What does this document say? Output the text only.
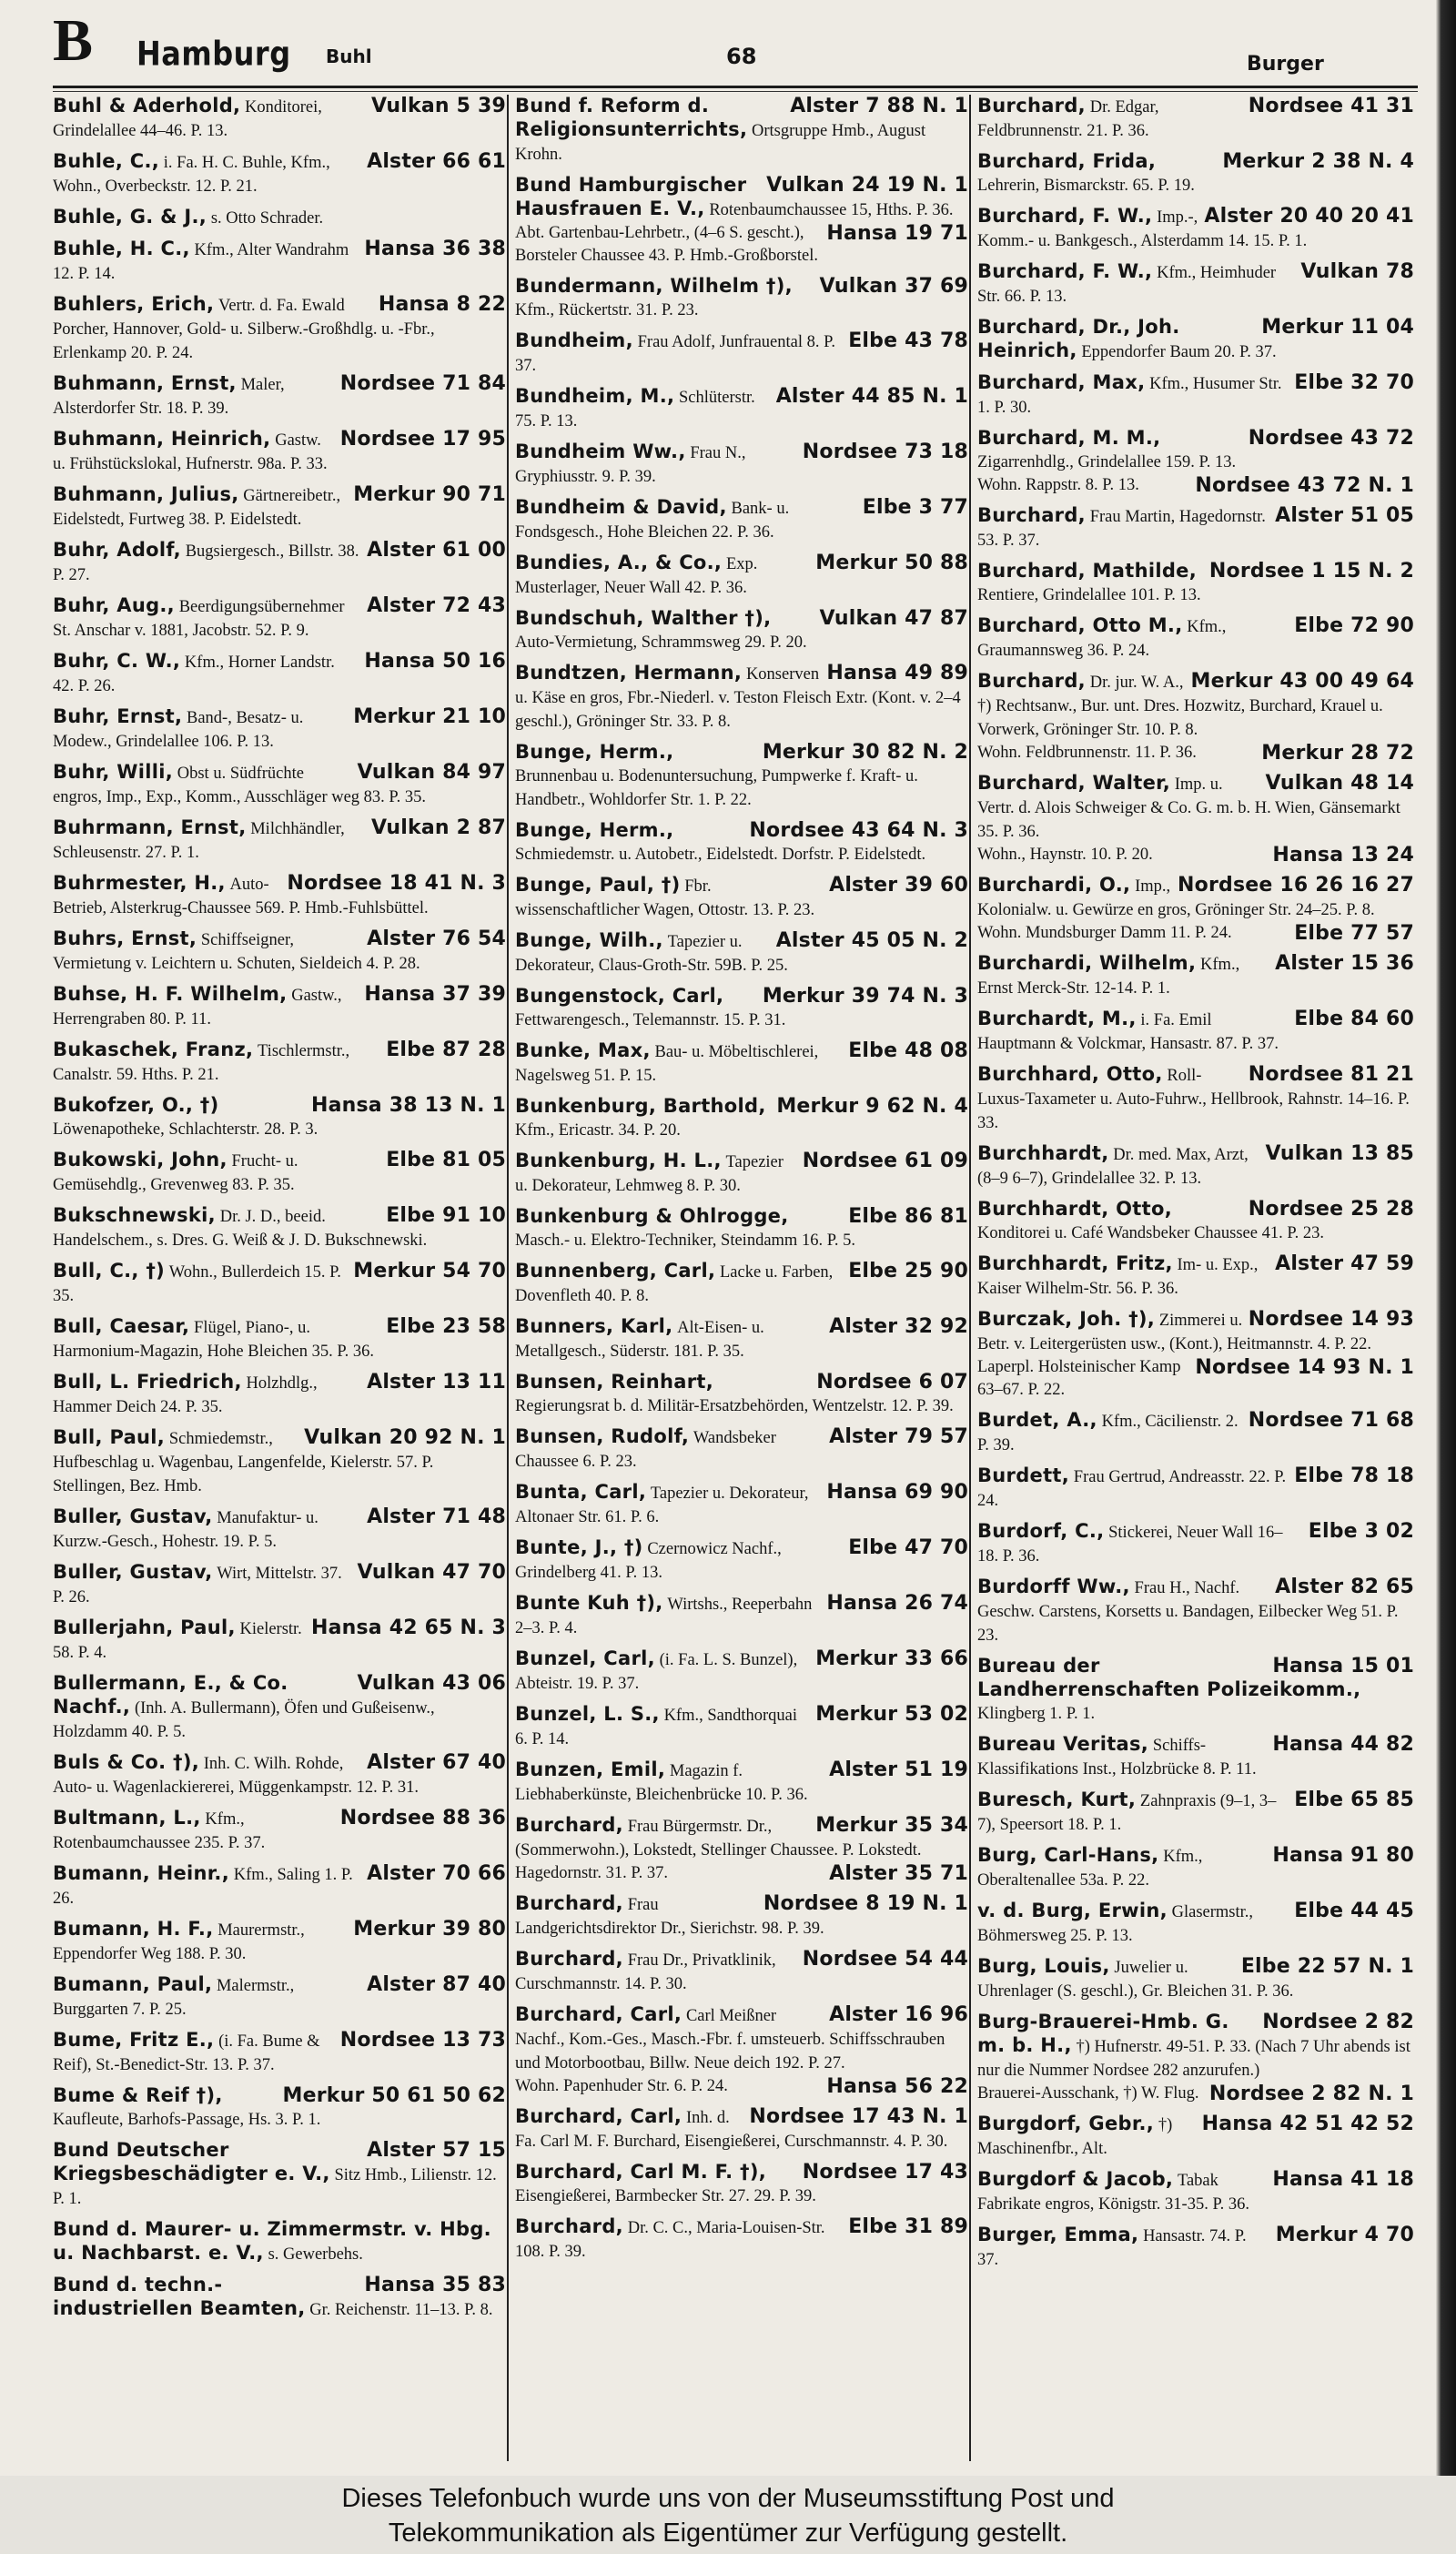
B Hamburg Buhl	68	Burger
Vulkan 5 39
Buhl & Aderhold, Konditorei, Grindelallee 44–46. P. 13.
Alster 66 61
Buhle, C., i. Fa. H. C. Buhle, Kfm., Wohn., Overbeckstr. 12. P. 21.
Buhle, G. & J., s. Otto Schrader.
Hansa 36 38
Buhle, H. C., Kfm., Alter Wandrahm 12. P. 14.
Hansa 8 22
Buhlers, Erich, Vertr. d. Fa. Ewald Porcher, Hannover, Gold- u. Silberw.-Großhdlg. u. -Fbr., Erlenkamp 20. P. 24.
Nordsee 71 84
Buhmann, Ernst, Maler, Alsterdorfer Str. 18. P. 39.
Nordsee 17 95
Buhmann, Heinrich, Gastw. u. Frühstückslokal, Hufnerstr. 98a. P. 33.
Merkur 90 71
Buhmann, Julius, Gärtnereibetr., Eidelstedt, Furtweg 38. P. Eidelstedt.
Alster 61 00
Buhr, Adolf, Bugsiergesch., Billstr. 38. P. 27.
Alster 72 43
Buhr, Aug., Beerdigungsübernehmer St. Anschar v. 1881, Jacobstr. 52. P. 9.
Hansa 50 16
Buhr, C. W., Kfm., Horner Landstr. 42. P. 26.
Merkur 21 10
Buhr, Ernst, Band-, Besatz- u. Modew., Grindelallee 106. P. 13.
Vulkan 84 97
Buhr, Willi, Obst u. Südfrüchte engros, Imp., Exp., Komm., Ausschläger weg 83. P. 35.
Vulkan 2 87
Buhrmann, Ernst, Milchhändler, Schleusenstr. 27. P. 1.
Nordsee 18 41 N. 3
Buhrmester, H., Auto-Betrieb, Alsterkrug-Chaussee 569. P. Hmb.-Fuhlsbüttel.
Alster 76 54
Buhrs, Ernst, Schiffseigner, Vermietung v. Leichtern u. Schuten, Sieldeich 4. P. 28.
Hansa 37 39
Buhse, H. F. Wilhelm, Gastw., Herrengraben 80. P. 11.
Elbe 87 28
Bukaschek, Franz, Tischlermstr., Canalstr. 59. Hths. P. 21.
Hansa 38 13 N. 1
Bukofzer, O., †) Löwenapotheke, Schlachterstr. 28. P. 3.
Elbe 81 05
Bukowski, John, Frucht- u. Gemüsehdlg., Grevenweg 83. P. 35.
Elbe 91 10
Bukschnewski, Dr. J. D., beeid. Handelschem., s. Dres. G. Weiß & J. D. Bukschnewski.
Merkur 54 70
Bull, C., †) Wohn., Bullerdeich 15. P. 35.
Elbe 23 58
Bull, Caesar, Flügel, Piano-, u. Harmonium-Magazin, Hohe Bleichen 35. P. 36.
Alster 13 11
Bull, L. Friedrich, Holzhdlg., Hammer Deich 24. P. 35.
Vulkan 20 92 N. 1
Bull, Paul, Schmiedemstr., Hufbeschlag u. Wagenbau, Langenfelde, Kielerstr. 57. P. Stellingen, Bez. Hmb.
Alster 71 48
Buller, Gustav, Manufaktur- u. Kurzw.-Gesch., Hohestr. 19. P. 5.
Vulkan 47 70
Buller, Gustav, Wirt, Mittelstr. 37. P. 26.
Hansa 42 65 N. 3
Bullerjahn, Paul, Kielerstr. 58. P. 4.
Vulkan 43 06
Bullermann, E., & Co. Nachf., (Inh. A. Bullermann), Öfen und Gußeisenw., Holzdamm 40. P. 5.
Alster 67 40
Buls & Co. †), Inh. C. Wilh. Rohde, Auto- u. Wagenlackiererei, Müggenkampstr. 12. P. 31.
Nordsee 88 36
Bultmann, L., Kfm., Rotenbaumchaussee 235. P. 37.
Alster 70 66
Bumann, Heinr., Kfm., Saling 1. P. 26.
Merkur 39 80
Bumann, H. F., Maurermstr., Eppendorfer Weg 188. P. 30.
Alster 87 40
Bumann, Paul, Malermstr., Burggarten 7. P. 25.
Nordsee 13 73
Bume, Fritz E., (i. Fa. Bume & Reif), St.-Benedict-Str. 13. P. 37.
Merkur 50 61 50 62
Bume & Reif †), Kaufleute, Barhofs-Passage, Hs. 3. P. 1.
Alster 57 15
Bund Deutscher Kriegsbeschädigter e. V., Sitz Hmb., Lilienstr. 12. P. 1.
Bund d. Maurer- u. Zimmermstr. v. Hbg. u. Nachbarst. e. V., s. Gewerbehs.
Hansa 35 83
Bund d. techn.-industriellen Beamten, Gr. Reichenstr. 11–13. P. 8.
Alster 7 88 N. 1
Bund f. Reform d. Religionsunterrichts, Ortsgruppe Hmb., August Krohn.
Vulkan 24 19 N. 1
Bund Hamburgischer Hausfrauen E. V., Rotenbaumchaussee 15, Hths. P. 36.
Hansa 19 71
Abt. Gartenbau-Lehrbetr., (4–6 S. gescht.), Borsteler Chaussee 43. P. Hmb.-Großborstel.
Vulkan 37 69
Bundermann, Wilhelm †), Kfm., Rückertstr. 31. P. 23.
Elbe 43 78
Bundheim, Frau Adolf, Junfrauental 8. P. 37.
Alster 44 85 N. 1
Bundheim, M., Schlüterstr. 75. P. 13.
Nordsee 73 18
Bundheim Ww., Frau N., Gryphiusstr. 9. P. 39.
Elbe 3 77
Bundheim & David, Bank- u. Fondsgesch., Hohe Bleichen 22. P. 36.
Merkur 50 88
Bundies, A., & Co., Exp. Musterlager, Neuer Wall 42. P. 36.
Vulkan 47 87
Bundschuh, Walther †), Auto-Vermietung, Schrammsweg 29. P. 20.
Hansa 49 89
Bundtzen, Hermann, Konserven u. Käse en gros, Fbr.-Niederl. v. Teston Fleisch Extr. (Kont. v. 2–4 geschl.), Gröninger Str. 33. P. 8.
Merkur 30 82 N. 2
Bunge, Herm., Brunnenbau u. Bodenuntersuchung, Pumpwerke f. Kraft- u. Handbetr., Wohldorfer Str. 1. P. 22.
Nordsee 43 64 N. 3
Bunge, Herm., Schmiedemstr. u. Autobetr., Eidelstedt. Dorfstr. P. Eidelstedt.
Alster 39 60
Bunge, Paul, †) Fbr. wissenschaftlicher Wagen, Ottostr. 13. P. 23.
Alster 45 05 N. 2
Bunge, Wilh., Tapezier u. Dekorateur, Claus-Groth-Str. 59B. P. 25.
Merkur 39 74 N. 3
Bungenstock, Carl, Fettwarengesch., Telemannstr. 15. P. 31.
Elbe 48 08
Bunke, Max, Bau- u. Möbeltischlerei, Nagelsweg 51. P. 15.
Merkur 9 62 N. 4
Bunkenburg, Barthold, Kfm., Ericastr. 34. P. 20.
Nordsee 61 09
Bunkenburg, H. L., Tapezier u. Dekorateur, Lehmweg 8. P. 30.
Elbe 86 81
Bunkenburg & Ohlrogge, Masch.- u. Elektro-Techniker, Steindamm 16. P. 5.
Elbe 25 90
Bunnenberg, Carl, Lacke u. Farben, Dovenfleth 40. P. 8.
Alster 32 92
Bunners, Karl, Alt-Eisen- u. Metallgesch., Süderstr. 181. P. 35.
Nordsee 6 07
Bunsen, Reinhart, Regierungsrat b. d. Militär-Ersatzbehörden, Wentzelstr. 12. P. 39.
Alster 79 57
Bunsen, Rudolf, Wandsbeker Chaussee 6. P. 23.
Hansa 69 90
Bunta, Carl, Tapezier u. Dekorateur, Altonaer Str. 61. P. 6.
Elbe 47 70
Bunte, J., †) Czernowicz Nachf., Grindelberg 41. P. 13.
Hansa 26 74
Bunte Kuh †), Wirtshs., Reeperbahn 2–3. P. 4.
Merkur 33 66
Bunzel, Carl, (i. Fa. L. S. Bunzel), Abteistr. 19. P. 37.
Merkur 53 02
Bunzel, L. S., Kfm., Sandthorquai 6. P. 14.
Alster 51 19
Bunzen, Emil, Magazin f. Liebhaberkünste, Bleichenbrücke 10. P. 36.
Merkur 35 34
Burchard, Frau Bürgermstr. Dr., (Sommerwohn.), Lokstedt, Stellinger Chaussee. P. Lokstedt.
Alster 35 71
Hagedornstr. 31. P. 37.
Nordsee 8 19 N. 1
Burchard, Frau Landgerichtsdirektor Dr., Sierichstr. 98. P. 39.
Nordsee 54 44
Burchard, Frau Dr., Privatklinik, Curschmannstr. 14. P. 30.
Alster 16 96
Burchard, Carl, Carl Meißner Nachf., Kom.-Ges., Masch.-Fbr. f. umsteuerb. Schiffsschrauben und Motorbootbau, Billw. Neue deich 192. P. 27.
Hansa 56 22
Wohn. Papenhuder Str. 6. P. 24.
Nordsee 17 43 N. 1
Burchard, Carl, Inh. d. Fa. Carl M. F. Burchard, Eisengießerei, Curschmannstr. 4. P. 30.
Nordsee 17 43
Burchard, Carl M. F. †), Eisengießerei, Barmbecker Str. 27. 29. P. 39.
Elbe 31 89
Burchard, Dr. C. C., Maria-Louisen-Str. 108. P. 39.
Nordsee 41 31
Burchard, Dr. Edgar, Feldbrunnenstr. 21. P. 36.
Merkur 2 38 N. 4
Burchard, Frida, Lehrerin, Bismarckstr. 65. P. 19.
Alster 20 40 20 41
Burchard, F. W., Imp.-, Komm.- u. Bankgesch., Alsterdamm 14. 15. P. 1.
Vulkan 78
Burchard, F. W., Kfm., Heimhuder Str. 66. P. 13.
Merkur 11 04
Burchard, Dr., Joh. Heinrich, Eppendorfer Baum 20. P. 37.
Elbe 32 70
Burchard, Max, Kfm., Husumer Str. 1. P. 30.
Nordsee 43 72
Burchard, M. M., Zigarrenhdlg., Grindelallee 159. P. 13.
Nordsee 43 72 N. 1
Wohn. Rappstr. 8. P. 13.
Alster 51 05
Burchard, Frau Martin, Hagedornstr. 53. P. 37.
Nordsee 1 15 N. 2
Burchard, Mathilde, Rentiere, Grindelallee 101. P. 13.
Elbe 72 90
Burchard, Otto M., Kfm., Graumannsweg 36. P. 24.
Merkur 43 00 49 64
Burchard, Dr. jur. W. A., †) Rechtsanw., Bur. unt. Dres. Hozwitz, Burchard, Krauel u. Vorwerk, Gröninger Str. 10. P. 8.
Merkur 28 72
Wohn. Feldbrunnenstr. 11. P. 36.
Vulkan 48 14
Burchard, Walter, Imp. u. Vertr. d. Alois Schweiger & Co. G. m. b. H. Wien, Gänsemarkt 35. P. 36.
Hansa 13 24
Wohn., Haynstr. 10. P. 20.
Nordsee 16 26 16 27
Burchardi, O., Imp., Kolonialw. u. Gewürze en gros, Gröninger Str. 24–25. P. 8.
Elbe 77 57
Wohn. Mundsburger Damm 11. P. 24.
Alster 15 36
Burchardi, Wilhelm, Kfm., Ernst Merck-Str. 12-14. P. 1.
Elbe 84 60
Burchardt, M., i. Fa. Emil Hauptmann & Volckmar, Hansastr. 87. P. 37.
Nordsee 81 21
Burchhard, Otto, Roll-Luxus-Taxameter u. Auto-Fuhrw., Hellbrook, Rahnstr. 14–16. P. 33.
Vulkan 13 85
Burchhardt, Dr. med. Max, Arzt, (8–9 6–7), Grindelallee 32. P. 13.
Nordsee 25 28
Burchhardt, Otto, Konditorei u. Café Wandsbeker Chaussee 41. P. 23.
Alster 47 59
Burchhardt, Fritz, Im- u. Exp., Kaiser Wilhelm-Str. 56. P. 36.
Nordsee 14 93
Burczak, Joh. †), Zimmerei u. Betr. v. Leitergerüsten usw., (Kont.), Heitmannstr. 4. P. 22.
Nordsee 14 93 N. 1
Laperpl. Holsteinischer Kamp 63–67. P. 22.
Nordsee 71 68
Burdet, A., Kfm., Cäcilienstr. 2. P. 39.
Elbe 78 18
Burdett, Frau Gertrud, Andreasstr. 22. P. 24.
Elbe 3 02
Burdorf, C., Stickerei, Neuer Wall 16–18. P. 36.
Alster 82 65
Burdorff Ww., Frau H., Nachf. Geschw. Carstens, Korsetts u. Bandagen, Eilbecker Weg 51. P. 23.
Hansa 15 01
Bureau der Landherrenschaften Polizeikomm., Klingberg 1. P. 1.
Hansa 44 82
Bureau Veritas, Schiffs-Klassifikations Inst., Holzbrücke 8. P. 11.
Elbe 65 85
Buresch, Kurt, Zahnpraxis (9–1, 3–7), Speersort 18. P. 1.
Hansa 91 80
Burg, Carl-Hans, Kfm., Oberaltenallee 53a. P. 22.
Elbe 44 45
v. d. Burg, Erwin, Glasermstr., Böhmersweg 25. P. 13.
Elbe 22 57 N. 1
Burg, Louis, Juwelier u. Uhrenlager (S. geschl.), Gr. Bleichen 31. P. 36.
Nordsee 2 82
Burg-Brauerei-Hmb. G. m. b. H., †) Hufnerstr. 49-51. P. 33. (Nach 7 Uhr abends ist nur die Nummer Nordsee 282 anzurufen.)
Nordsee 2 82 N. 1
Brauerei-Ausschank, †) W. Flug.
Hansa 42 51 42 52
Burgdorf, Gebr., †) Maschinenfbr., Alt.
Hansa 41 18
Burgdorf & Jacob, Tabak Fabrikate engros, Königstr. 31-35. P. 36.
Merkur 4 70
Burger, Emma, Hansastr. 74. P. 37.
Dieses Telefonbuch wurde uns von der Museumsstiftung Post und
Telekommunikation als Eigentümer zur Verfügung gestellt.
